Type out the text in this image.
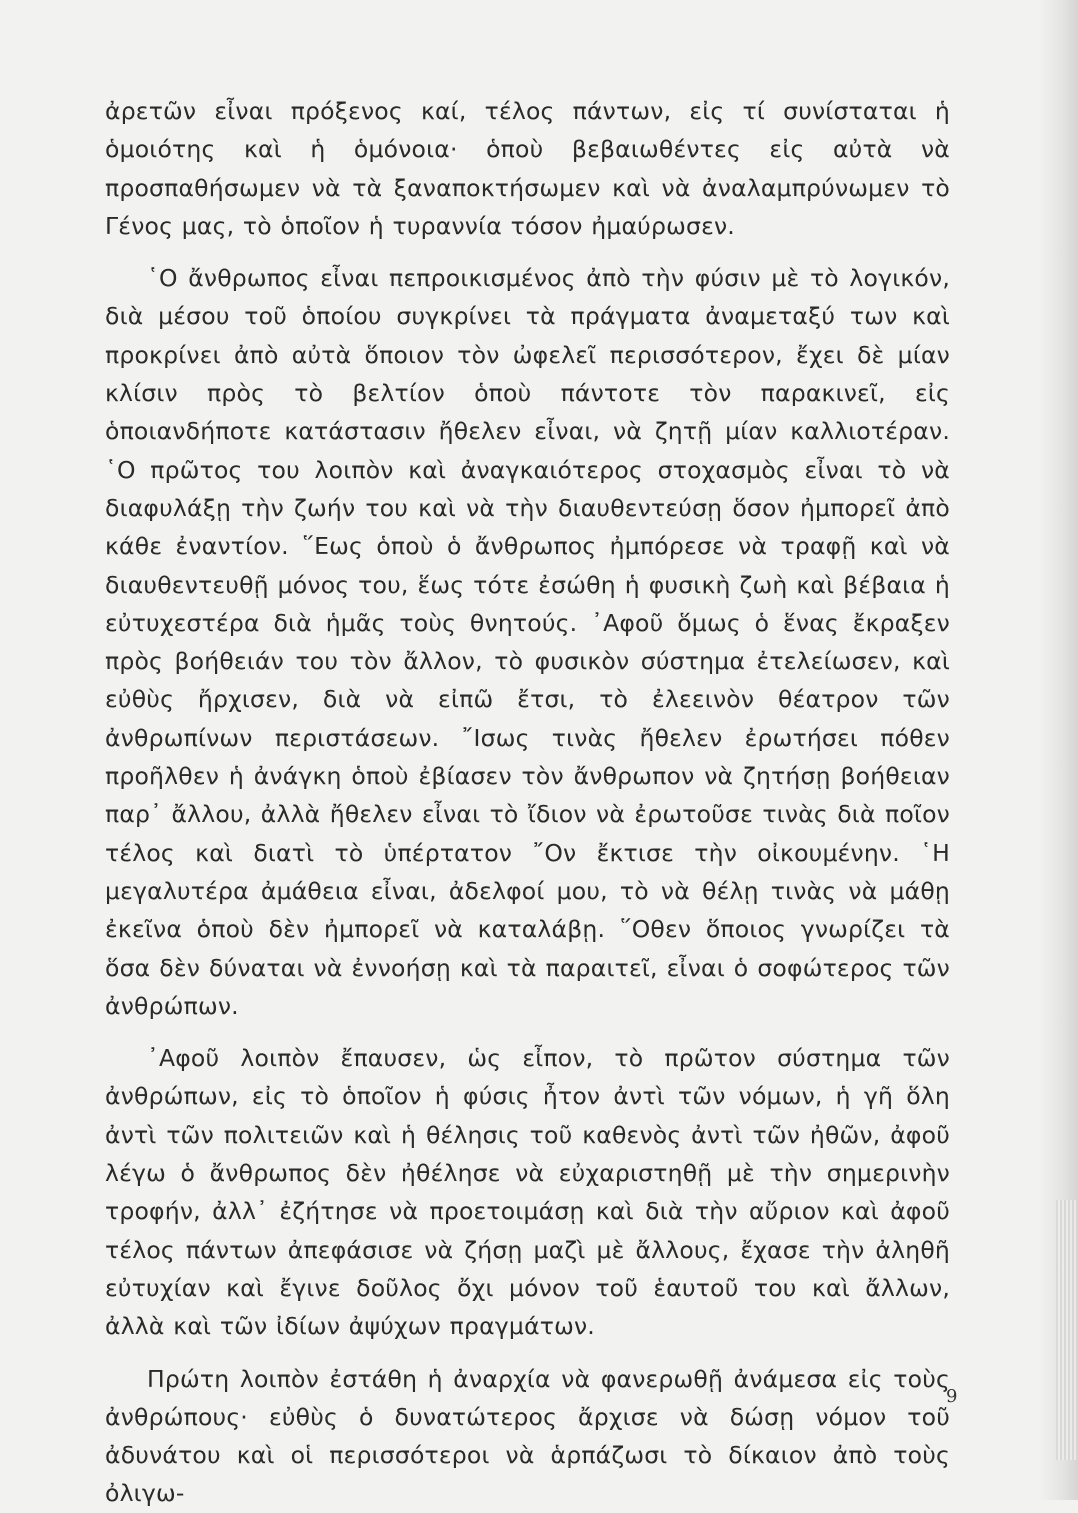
ἀρετῶν εἶναι πρόξενος καί, τέλος πάντων, εἰς τί συνίσταται ἡ ὁμοιότης καὶ ἡ ὁμόνοια· ὁποὺ βεβαιωθέντες εἰς αὐτὰ νὰ προσπαθήσωμεν νὰ τὰ ξαναποκτήσωμεν καὶ νὰ ἀναλαμπρύνωμεν τὸ Γένος μας, τὸ ὁποῖον ἡ τυραννία τόσον ἠμαύρωσεν.

῾Ο ἄνθρωπος εἶναι πεπροικισμένος ἀπὸ τὴν φύσιν μὲ τὸ λογικόν, διὰ μέσου τοῦ ὁποίου συγκρίνει τὰ πράγματα ἀναμεταξύ των καὶ προκρίνει ἀπὸ αὐτὰ ὅποιον τὸν ὠφελεῖ περισσότερον, ἔχει δὲ μίαν κλίσιν πρὸς τὸ βελτίον ὁποὺ πάντοτε τὸν παρακινεῖ, εἰς ὁποιανδήποτε κατάστασιν ἤθελεν εἶναι, νὰ ζητῇ μίαν καλλιοτέραν. ῾Ο πρῶτος του λοιπὸν καὶ ἀναγκαιότερος στοχασμὸς εἶναι τὸ νὰ διαφυλάξῃ τὴν ζωήν του καὶ νὰ τὴν διαυθεντεύσῃ ὅσον ἠμπορεῖ ἀπὸ κάθε ἐναντίον. ῞Εως ὁποὺ ὁ ἄνθρωπος ἠμπόρεσε νὰ τραφῇ καὶ νὰ διαυθεντευθῇ μόνος του, ἕως τότε ἐσώθη ἡ φυσικὴ ζωὴ καὶ βέβαια ἡ εὐτυχεστέρα διὰ ἡμᾶς τοὺς θνητούς. ᾿Αφοῦ ὅμως ὁ ἕνας ἔκραξεν πρὸς βοήθειάν του τὸν ἄλλον, τὸ φυσικὸν σύστημα ἐτελείωσεν, καὶ εὐθὺς ἤρχισεν, διὰ νὰ εἰπῶ ἔτσι, τὸ ἐλεεινὸν θέατρον τῶν ἀνθρωπίνων περιστάσεων. ῎Ισως τινὰς ἤθελεν ἐρωτήσει πόθεν προῆλθεν ἡ ἀνάγκη ὁποὺ ἐβίασεν τὸν ἄνθρωπον νὰ ζητήσῃ βοήθειαν παρ᾿ ἄλλου, ἀλλὰ ἤθελεν εἶναι τὸ ἴδιον νὰ ἐρωτοῦσε τινὰς διὰ ποῖον τέλος καὶ διατὶ τὸ ὑπέρτατον ῎Ον ἔκτισε τὴν οἰκουμένην. ῾Η μεγαλυτέρα ἀμάθεια εἶναι, ἀδελφοί μου, τὸ νὰ θέλῃ τινὰς νὰ μάθῃ ἐκεῖνα ὁποὺ δὲν ἠμπορεῖ νὰ καταλάβῃ. ῞Οθεν ὅποιος γνωρίζει τὰ ὅσα δὲν δύναται νὰ ἐννοήσῃ καὶ τὰ παραιτεῖ, εἶναι ὁ σοφώτερος τῶν ἀνθρώπων.

᾿Αφοῦ λοιπὸν ἔπαυσεν, ὡς εἶπον, τὸ πρῶτον σύστημα τῶν ἀνθρώπων, εἰς τὸ ὁποῖον ἡ φύσις ἦτον ἀντὶ τῶν νόμων, ἡ γῆ ὅλη ἀντὶ τῶν πολιτειῶν καὶ ἡ θέλησις τοῦ καθενὸς ἀντὶ τῶν ἠθῶν, ἀφοῦ λέγω ὁ ἄνθρωπος δὲν ἠθέλησε νὰ εὐχαριστηθῇ μὲ τὴν σημερινὴν τροφήν, ἀλλ᾿ ἐζήτησε νὰ προετοιμάσῃ καὶ διὰ τὴν αὔριον καὶ ἀφοῦ τέλος πάντων ἀπεφάσισε νὰ ζήσῃ μαζὶ μὲ ἄλλους, ἔχασε τὴν ἀληθῆ εὐτυχίαν καὶ ἔγινε δοῦλος ὄχι μόνον τοῦ ἑαυτοῦ του καὶ ἄλλων, ἀλλὰ καὶ τῶν ἰδίων ἀψύχων πραγμάτων.

Πρώτη λοιπὸν ἐστάθη ἡ ἀναρχία νὰ φανερωθῇ ἀνάμεσα εἰς τοὺς ἀνθρώπους· εὐθὺς ὁ δυνατώτερος ἄρχισε νὰ δώσῃ νόμον τοῦ ἀδυνάτου καὶ οἱ περισσότεροι νὰ ἁρπάζωσι τὸ δίκαιον ἀπὸ τοὺς ὀλιγω-

9
